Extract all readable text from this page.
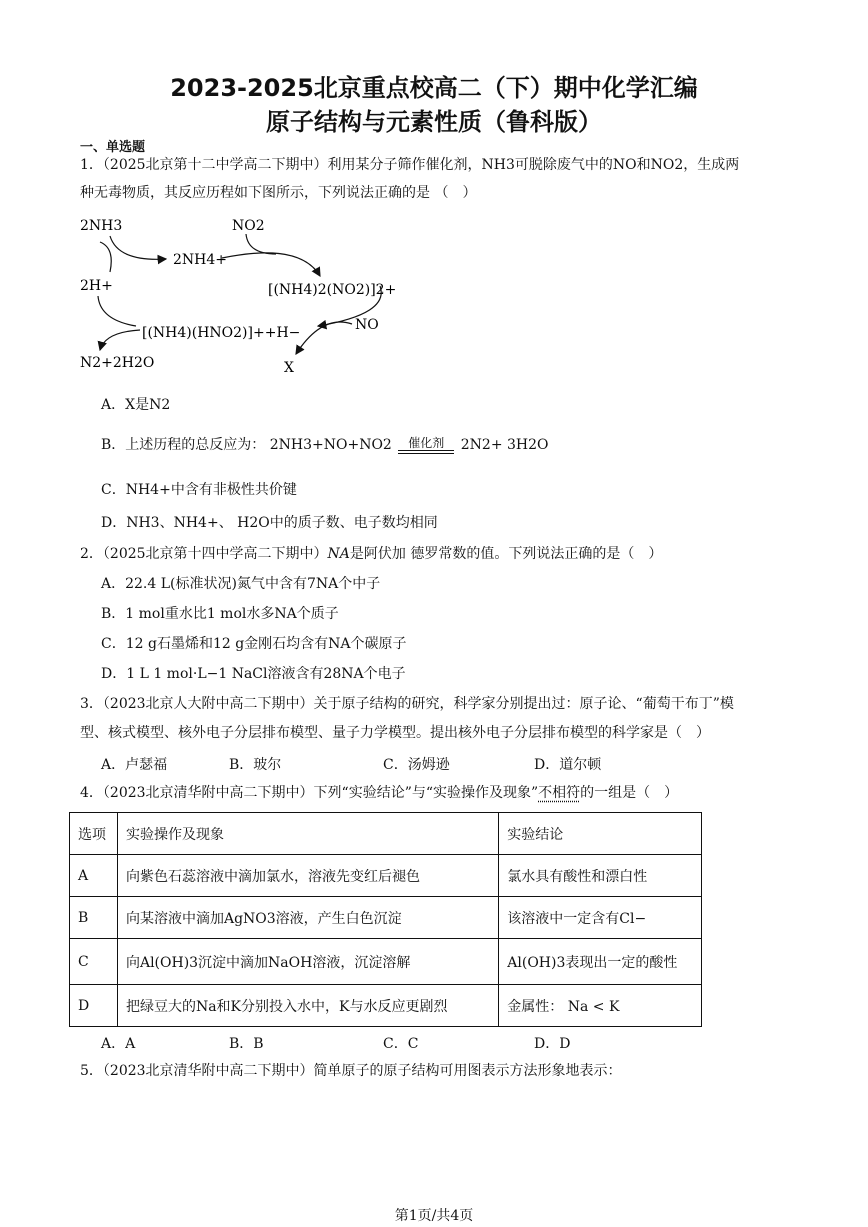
2023-2025北京重点校高二（下）期中化学汇编
原子结构与元素性质（鲁科版）
一、单选题
1．（2025北京第十二中学高二下期中）利用某分子筛作催化剂，NH3可脱除废气中的NO和NO2，生成两
种无毒物质，其反应历程如下图所示，下列说法正确的是 （　）
2NH3
2NH4+
NO2
[(NH4)2(NO2)]2+
2H+
NO
[(NH4)(HNO2)]++H−
N2+2H2O	X
A．X是N2
B．上述历程的总反应为： 2NH3+NO+NO2	催化剂	2N2+ 3H2O
C．NH4+中含有非极性共价键
D．NH3、NH4+、 H2O中的质子数、电子数均相同
2．（2025北京第十四中学高二下期中）NA是阿伏加 德罗常数的值。下列说法正确的是（　）
A．22.4 L(标准状况)氮气中含有7NA个中子
B．1 mol重水比1 mol水多NA个质子
C．12 g石墨烯和12 g金刚石均含有NA个碳原子
D．1 L 1 mol·L−1 NaCl溶液含有28NA个电子
3．（2023北京人大附中高二下期中）关于原子结构的研究，科学家分别提出过：原子论、“葡萄干布丁”模
型、核式模型、核外电子分层排布模型、量子力学模型。提出核外电子分层排布模型的科学家是（　）
A．卢瑟福	B．玻尔	C．汤姆逊	D．道尔顿
4．（2023北京清华附中高二下期中）下列“实验结论”与“实验操作及现象”不相符的一组是（　）
选项	实验操作及现象	实验结论
A	向紫色石蕊溶液中滴加氯水，溶液先变红后褪色	氯水具有酸性和漂白性
B	向某溶液中滴加AgNO3溶液，产生白色沉淀	该溶液中一定含有Cl−
C	向Al(OH)3沉淀中滴加NaOH溶液，沉淀溶解	Al(OH)3表现出一定的酸性
D	把绿豆大的Na和K分别投入水中，K与水反应更剧烈	金属性： Na < K
A．A	B．B	C．C	D．D
5．（2023北京清华附中高二下期中）简单原子的原子结构可用图表示方法形象地表示：
第1页/共4页
